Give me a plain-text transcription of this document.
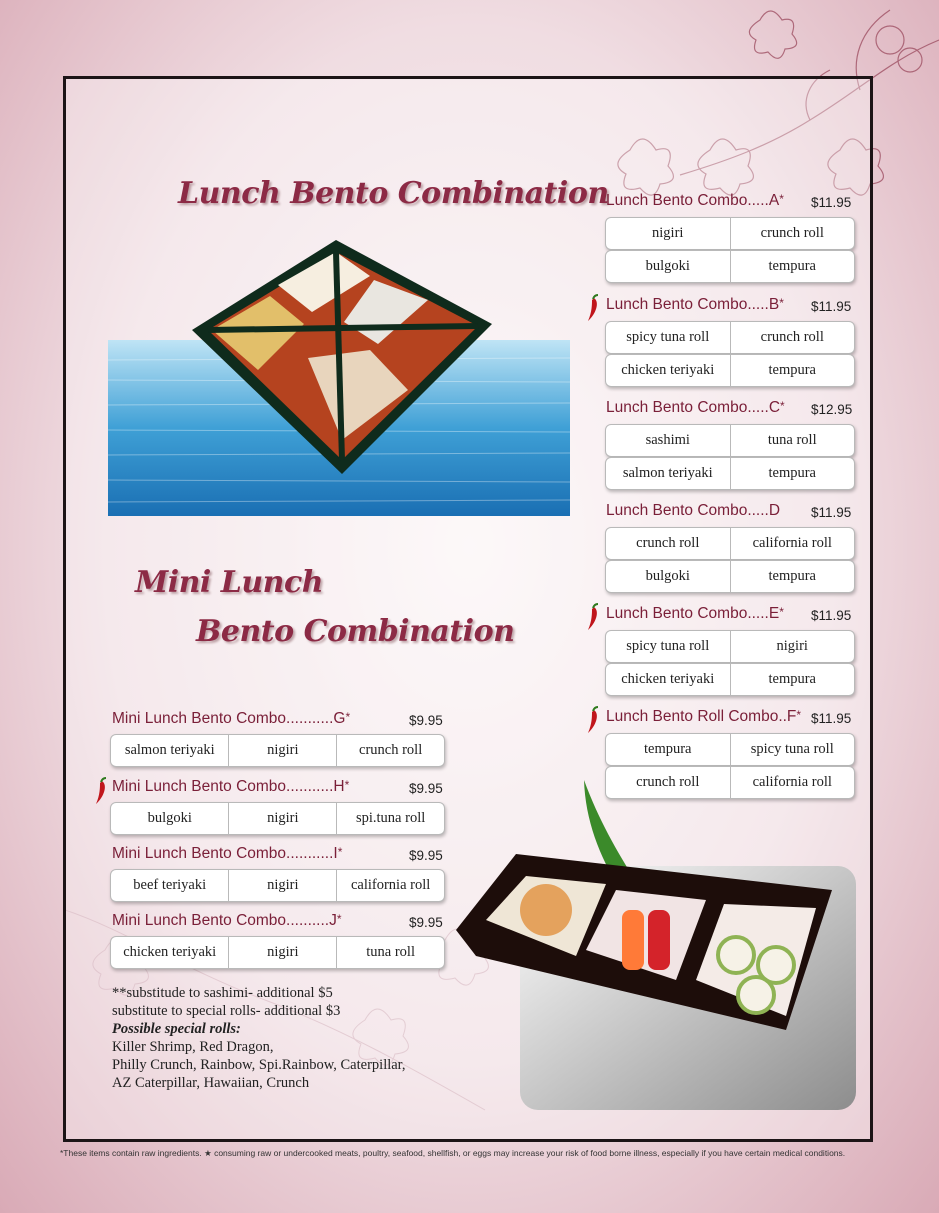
Lunch Bento Combination
Mini Lunch
Bento Combination
Lunch Bento Combo.....A* $11.95
nigiri	crunch roll
bulgoki	tempura
Lunch Bento Combo.....B* $11.95
spicy tuna roll	crunch roll
chicken teriyaki	tempura
Lunch Bento Combo.....C* $12.95
sashimi	tuna roll
salmon teriyaki	tempura
Lunch Bento Combo.....D $11.95
crunch roll	california roll
bulgoki	tempura
Lunch Bento Combo.....E* $11.95
spicy tuna roll	nigiri
chicken teriyaki	tempura
Lunch Bento Roll Combo..F* $11.95
tempura	spicy tuna roll
crunch roll	california roll
Mini Lunch Bento Combo...........G*	$9.95
salmon teriyaki	nigiri	crunch roll
Mini Lunch Bento Combo...........H*	$9.95
bulgoki	nigiri	spi.tuna roll
Mini Lunch Bento Combo...........I*	$9.95
beef teriyaki	nigiri	california roll
Mini Lunch Bento Combo..........J*	$9.95
chicken teriyaki	nigiri	tuna roll
**substitude to sashimi- additional $5
substitute to special rolls- additional $3
Possible special rolls:
Killer Shrimp, Red Dragon,
Philly Crunch, Rainbow, Spi.Rainbow, Caterpillar,
AZ Caterpillar, Hawaiian, Crunch
*These items contain raw ingredients. ★ consuming raw or undercooked meats, poultry, seafood, shellfish, or eggs may increase your risk of food borne illness, especially if you have certain medical conditions.
